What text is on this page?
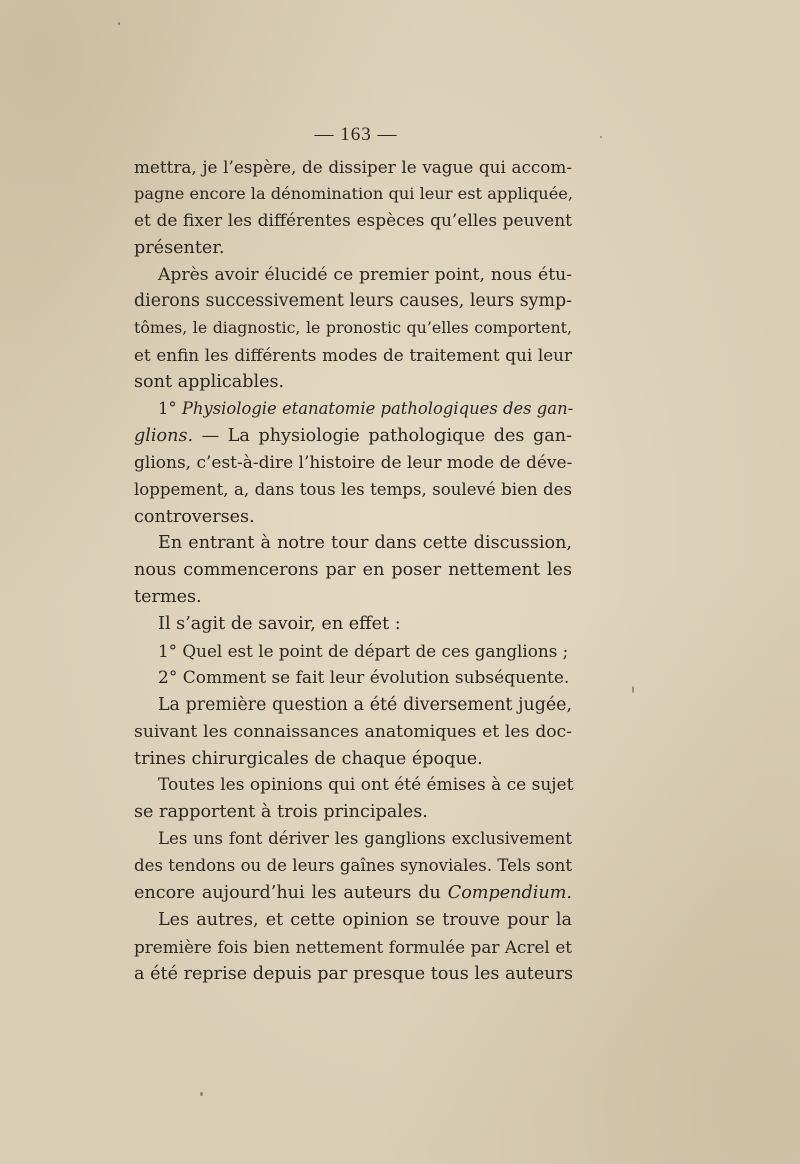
— 163 —
mettra, je l’espère, de dissiper le vague qui accom-
pagne encore la dénomination qui leur est appliquée,
et de fixer les différentes espèces qu’elles peuvent
présenter.
Après avoir élucidé ce premier point, nous étu-
dierons successivement leurs causes, leurs symp-
tômes, le diagnostic, le pronostic qu’elles comportent,
et enfin les différents modes de traitement qui leur
sont applicables.
1° Physiologie etanatomie pathologiques des gan-
glions. — La physiologie pathologique des gan-
glions, c’est-à-dire l’histoire de leur mode de déve-
loppement, a, dans tous les temps, soulevé bien des
controverses.
En entrant à notre tour dans cette discussion,
nous commencerons par en poser nettement les
termes.
Il s’agit de savoir, en effet :
1° Quel est le point de départ de ces ganglions ;
2° Comment se fait leur évolution subséquente.
La première question a été diversement jugée,
suivant les connaissances anatomiques et les doc-
trines chirurgicales de chaque époque.
Toutes les opinions qui ont été émises à ce sujet
se rapportent à trois principales.
Les uns font dériver les ganglions exclusivement
des tendons ou de leurs gaînes synoviales. Tels sont
encore aujourd’hui les auteurs du Compendium.
Les autres, et cette opinion se trouve pour la
première fois bien nettement formulée par Acrel et
a été reprise depuis par presque tous les auteurs
